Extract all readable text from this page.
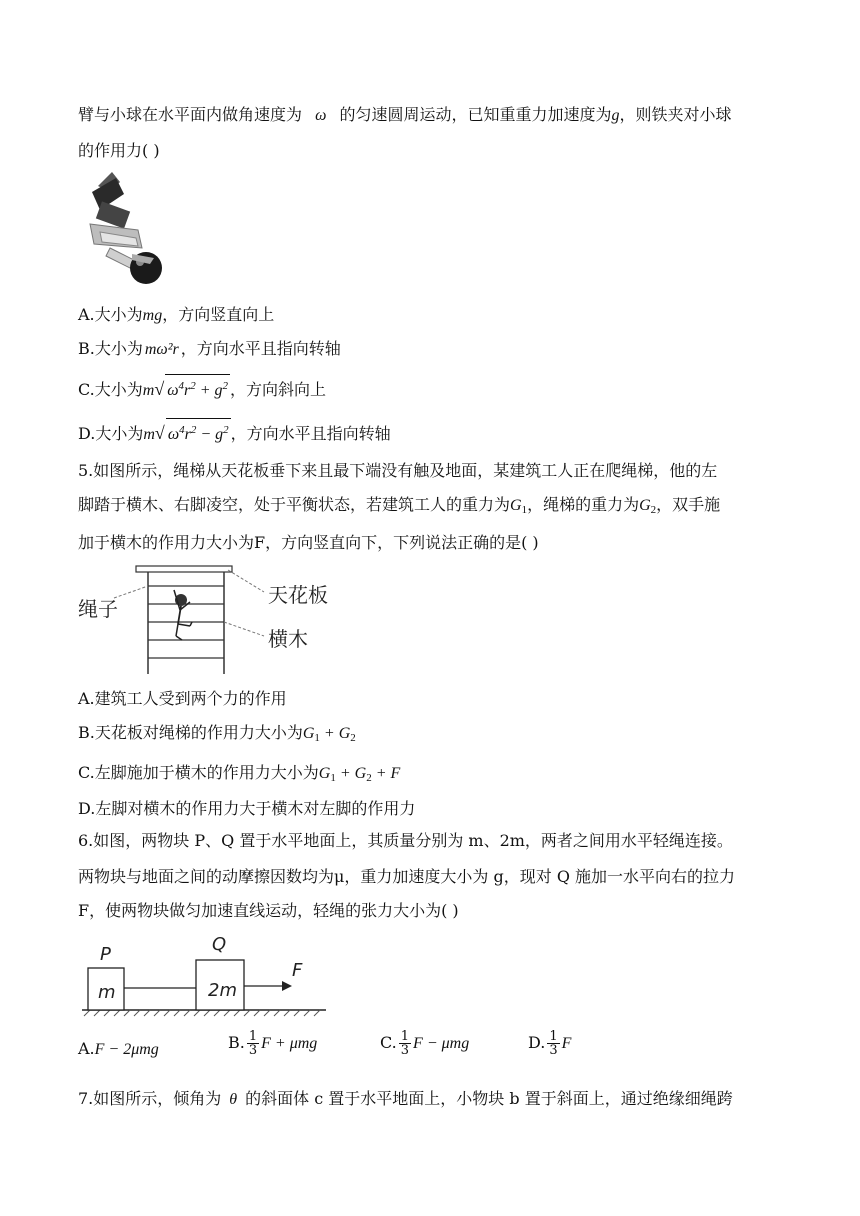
臂与小球在水平面内做角速度为 ω 的匀速圆周运动，已知重重力加速度为g，则铁夹对小球
的作用力( )
A.大小为mg，方向竖直向上
B.大小为 mω²r ，方向水平且指向转轴
C.大小为m√ $\omega^4r^2 + g^2$ ，方向斜向上
D.大小为m√ $\omega^4r^2 - g^2$ ，方向水平且指向转轴
5.如图所示，绳梯从天花板垂下来且最下端没有触及地面，某建筑工人正在爬绳梯，他的左
脚踏于横木、右脚凌空，处于平衡状态，若建筑工人的重力为$G_1$，绳梯的重力为$G_2$，双手施
加于横木的作用力大小为F，方向竖直向下，下列说法正确的是( )
绳子
天花板
横木
A.建筑工人受到两个力的作用
B.天花板对绳梯的作用力大小为$G_1 + G_2$
C.左脚施加于横木的作用力大小为$G_1 + G_2 + F$
D.左脚对横木的作用力大于横木对左脚的作用力
6.如图，两物块 P、Q 置于水平地面上，其质量分别为 m、2m，两者之间用水平轻绳连接。
两物块与地面之间的动摩擦因数均为μ，重力加速度大小为 g，现对 Q 施加一水平向右的拉力
F，使两物块做匀加速直线运动，轻绳的张力大小为( )
P	Q
m	2m
F
A.F − 2μmg	B. $\frac{1}{3}$ F + μmg	C. $\frac{1}{3}$ F − μmg	D. $\frac{1}{3}$ F
7.如图所示，倾角为 θ 的斜面体 c 置于水平地面上，小物块 b 置于斜面上，通过绝缘细绳跨
